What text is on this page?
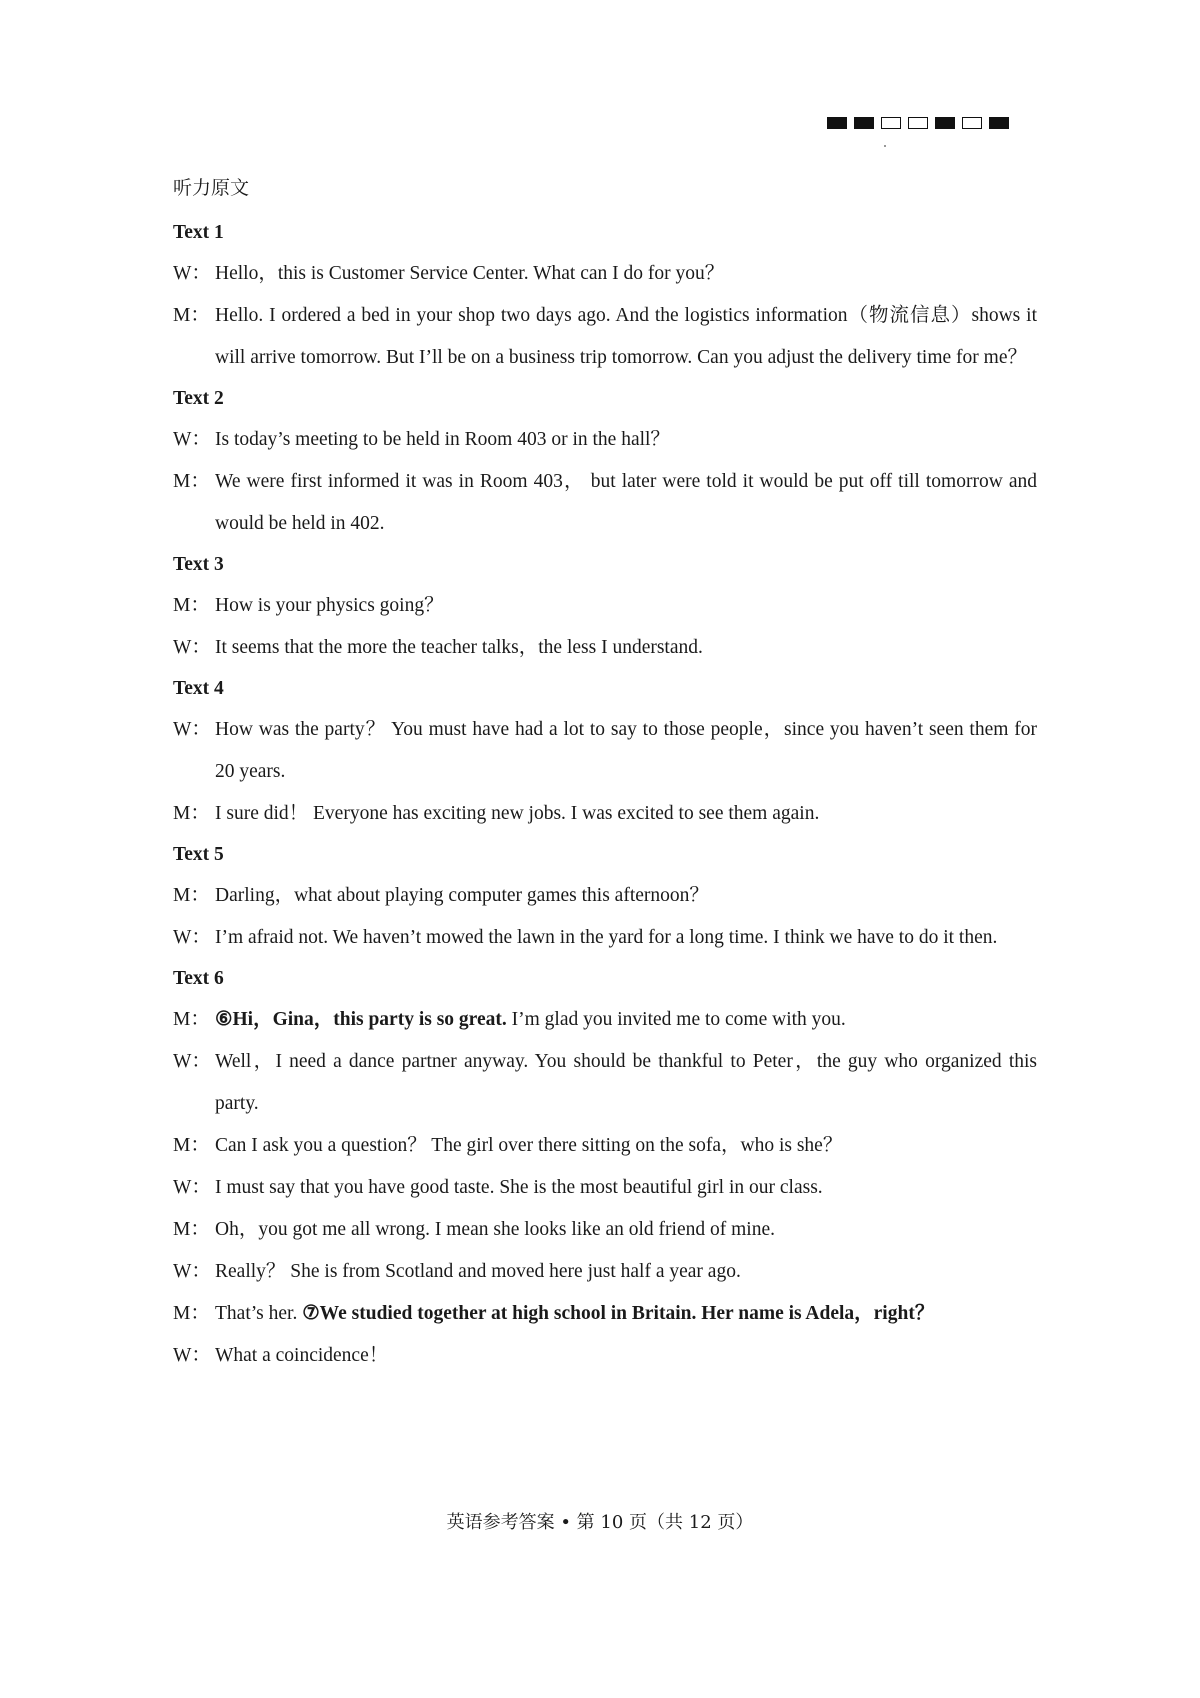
听力原文
Text 1
W： Hello，this is Customer Service Center. What can I do for you？
M： Hello. I ordered a bed in your shop two days ago. And the logistics information（物流信息）shows it will arrive tomorrow. But I’ll be on a business trip tomorrow. Can you adjust the delivery time for me？
Text 2
W： Is today’s meeting to be held in Room 403 or in the hall？
M： We were first informed it was in Room 403， but later were told it would be put off till tomorrow and would be held in 402.
Text 3
M： How is your physics going？
W： It seems that the more the teacher talks，the less I understand.
Text 4
W： How was the party？ You must have had a lot to say to those people，since you haven’t seen them for 20 years.
M： I sure did！ Everyone has exciting new jobs. I was excited to see them again.
Text 5
M： Darling，what about playing computer games this afternoon？
W： I’m afraid not. We haven’t mowed the lawn in the yard for a long time. I think we have to do it then.
Text 6
M： ⑥Hi，Gina，this party is so great. I’m glad you invited me to come with you.
W： Well，I need a dance partner anyway. You should be thankful to Peter，the guy who organized this party.
M： Can I ask you a question？ The girl over there sitting on the sofa，who is she？
W： I must say that you have good taste. She is the most beautiful girl in our class.
M： Oh，you got me all wrong. I mean she looks like an old friend of mine.
W： Really？ She is from Scotland and moved here just half a year ago.
M： That’s her. ⑦We studied together at high school in Britain. Her name is Adela，right？
W： What a coincidence！
英语参考答案 • 第 10 页（共 12 页）
